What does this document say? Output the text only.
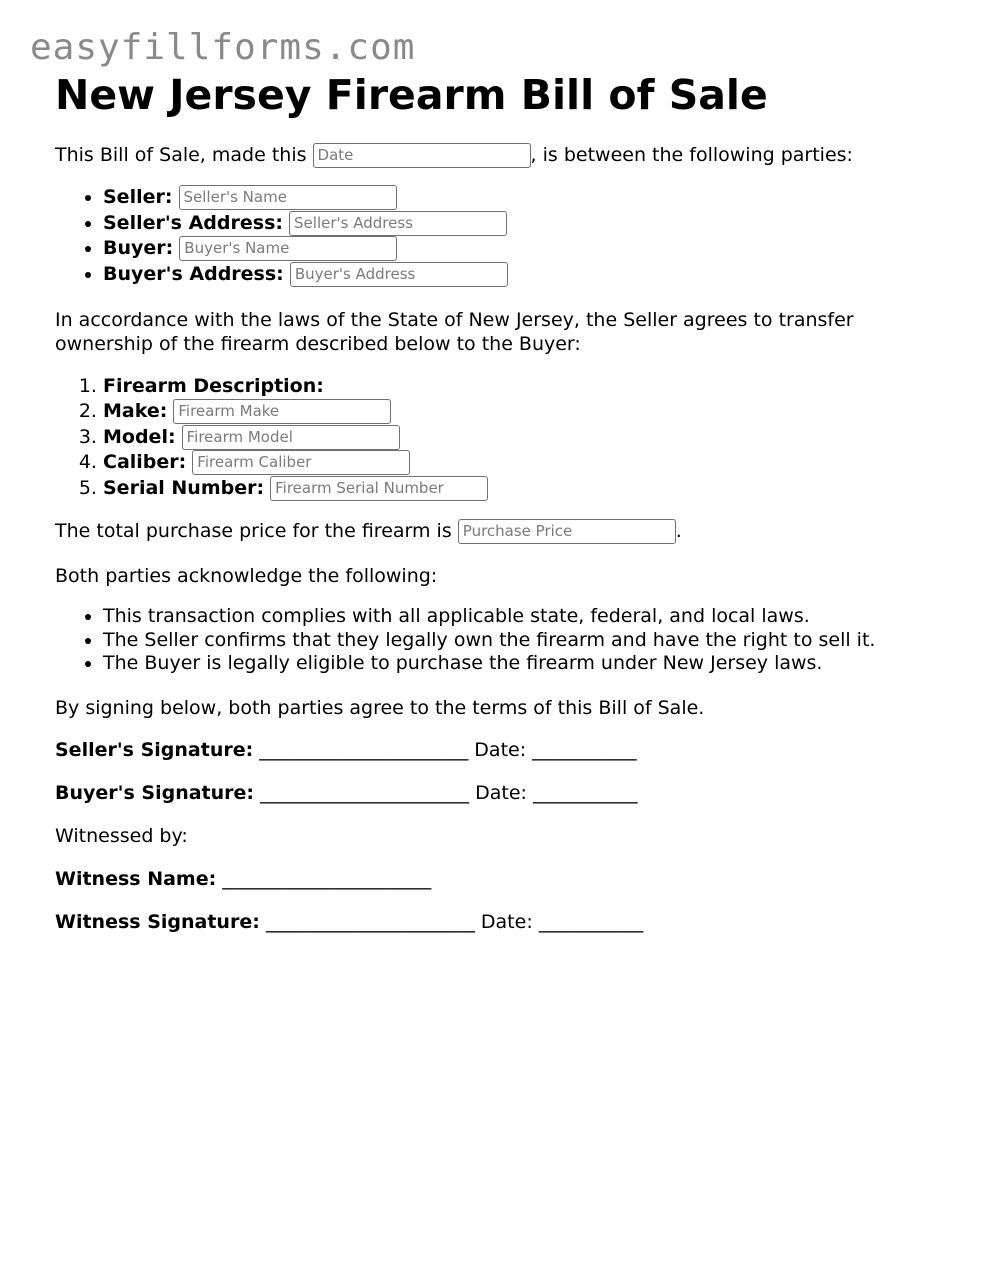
easyfillforms.com
New Jersey Firearm Bill of Sale

This Bill of Sale, made this Date	, is between the following parties:

• Seller: Seller's Name
• Seller's Address: Seller's Address
• Buyer: Buyer's Name
• Buyer's Address: Buyer's Address

In accordance with the laws of the State of New Jersey, the Seller agrees to transfer ownership of the firearm described below to the Buyer:

1. Firearm Description:
2. Make: Firearm Make
3. Model: Firearm Model
4. Caliber: Firearm Caliber
5. Serial Number: Firearm Serial Number

The total purchase price for the firearm is Purchase Price	.

Both parties acknowledge the following:

• This transaction complies with all applicable state, federal, and local laws.
• The Seller confirms that they legally own the firearm and have the right to sell it.
• The Buyer is legally eligible to purchase the firearm under New Jersey laws.

By signing below, both parties agree to the terms of this Bill of Sale.

Seller's Signature: ______________________ Date: ___________

Buyer's Signature: ______________________ Date: ___________

Witnessed by:

Witness Name: ______________________

Witness Signature: ______________________ Date: ___________
